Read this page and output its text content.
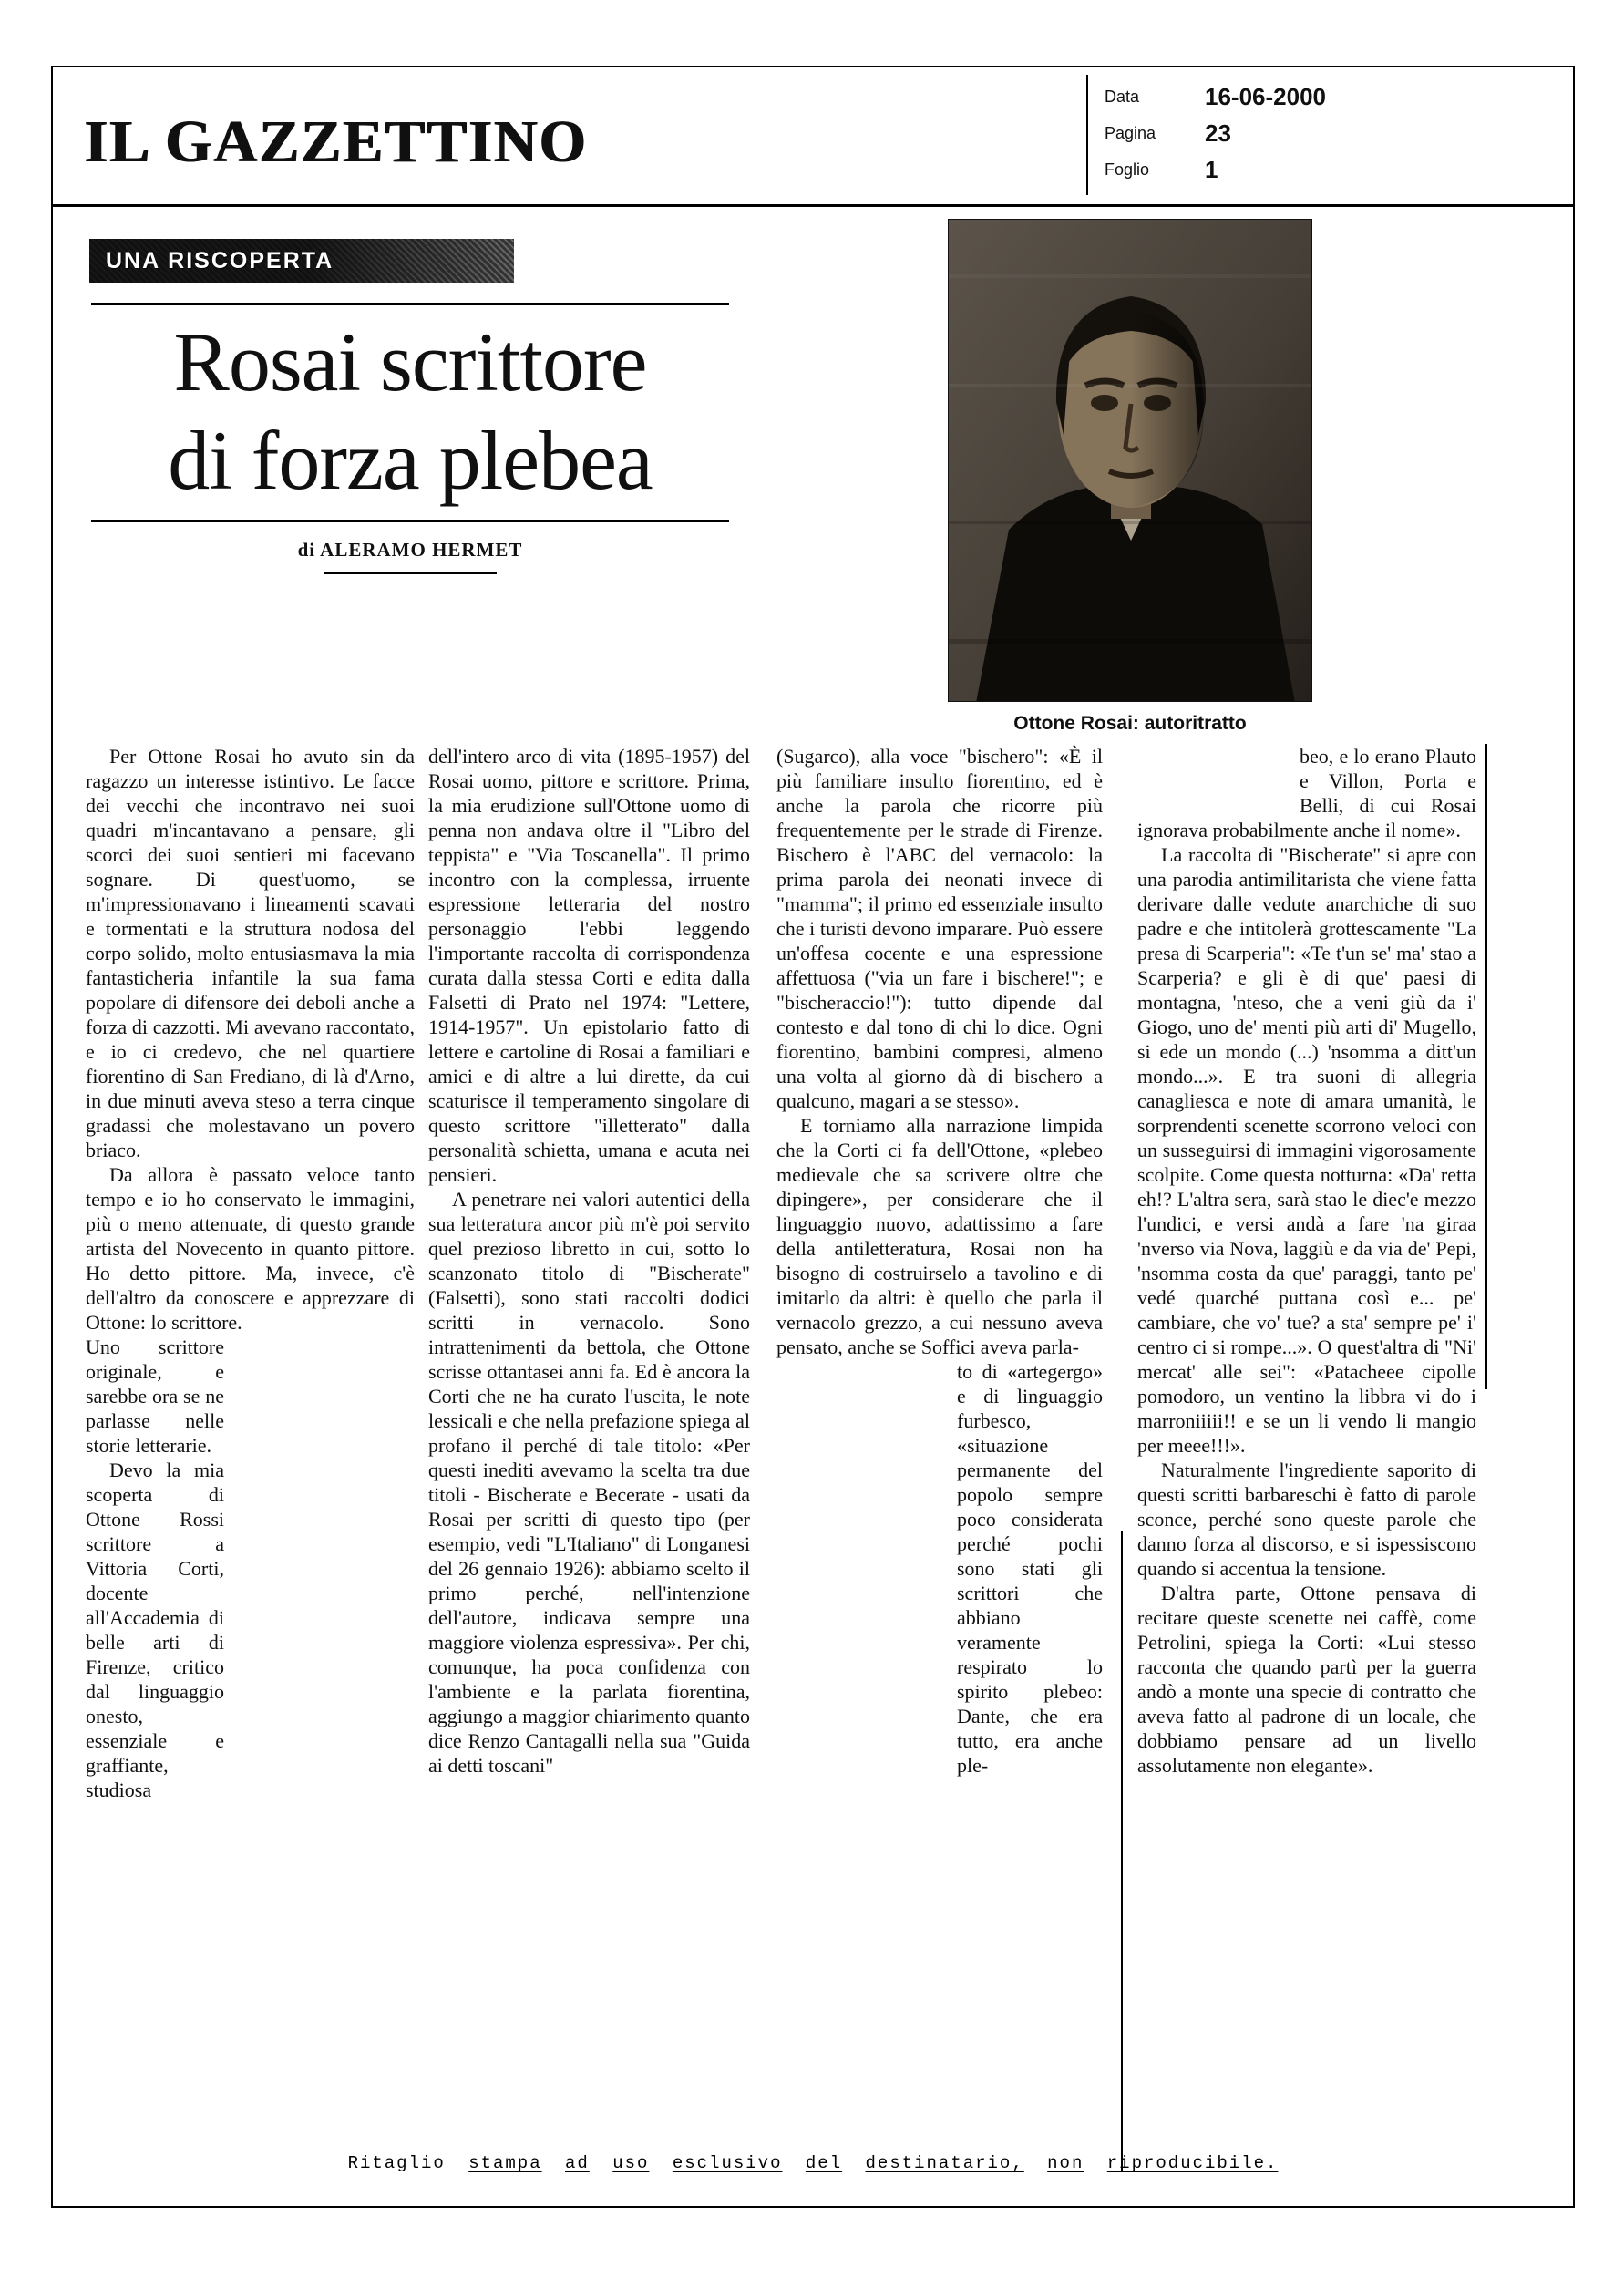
IL GAZZETTINO
Data	16-06-2000
Pagina	23
Foglio	1
UNA RISCOPERTA
Rosai scrittore
di forza plebea
di ALERAMO HERMET
Ottone Rosai: autoritratto

Per Ottone Rosai ho avuto sin da ragazzo un interesse istintivo. Le facce dei vecchi che incontravo nei suoi quadri m'incantavano a pensare, gli scorci dei suoi sentieri mi facevano sognare. Di quest'uomo, se m'impressionavano i lineamenti scavati e tormentati e la struttura nodosa del corpo solido, molto entusiasmava la mia fantasticheria infantile la sua fama popolare di difensore dei deboli anche a forza di cazzotti. Mi avevano raccontato, e io ci credevo, che nel quartiere fiorentino di San Frediano, di là d'Arno, in due minuti aveva steso a terra cinque gradassi che molestavano un povero briaco.

Da allora è passato veloce tanto tempo e io ho conservato le immagini, più o meno attenuate, di questo grande artista del Novecento in quanto pittore. Ho detto pittore. Ma, invece, c'è dell'altro da conoscere e apprezzare di Ottone: lo scrittore.

Uno scrittore originale, e sarebbe ora se ne parlasse nelle storie letterarie.

Devo la mia scoperta di Ottone Rossi scrittore a Vittoria Corti, docente all'Accademia di belle arti di Firenze, critico dal linguaggio onesto, essenziale e graffiante, studiosa

dell'intero arco di vita (1895-1957) del Rosai uomo, pittore e scrittore. Prima, la mia erudizione sull'Ottone uomo di penna non andava oltre il "Libro del teppista" e "Via Toscanella". Il primo incontro con la complessa, irruente espressione letteraria del nostro personaggio l'ebbi leggendo l'importante raccolta di corrispondenza curata dalla stessa Corti e edita dalla Falsetti di Prato nel 1974: "Lettere, 1914-1957". Un epistolario fatto di lettere e cartoline di Rosai a familiari e amici e di altre a lui dirette, da cui scaturisce il temperamento singolare di questo scrittore "illetterato" dalla personalità schietta, umana e acuta nei pensieri.

A penetrare nei valori autentici della sua letteratura ancor più m'è poi servito quel prezioso libretto in cui, sotto lo scanzonato titolo di "Bischerate" (Falsetti), sono stati raccolti dodici scritti in vernacolo. Sono intrattenimenti da bettola, che Ottone scrisse ottantasei anni fa. Ed è ancora la Corti che ne ha curato l'uscita, le note lessicali e che nella prefazione spiega al profano il perché di tale titolo: «Per questi inediti avevamo la scelta tra due titoli - Bischerate e Becerate - usati da Rosai per scritti di questo tipo (per esempio, vedi "L'Italiano" di Longanesi del 26 gennaio 1926): abbiamo scelto il primo perché, nell'intenzione dell'autore, indicava sempre una maggiore violenza espressiva». Per chi, comunque, ha poca confidenza con l'ambiente e la parlata fiorentina, aggiungo a maggior chiarimento quanto dice Renzo Cantagalli nella sua "Guida ai detti toscani"

(Sugarco), alla voce "bischero": «È il più familiare insulto fiorentino, ed è anche la parola che ricorre più frequentemente per le strade di Firenze. Bischero è l'ABC del vernacolo: la prima parola dei neonati invece di "mamma"; il primo ed essenziale insulto che i turisti devono imparare. Può essere un'offesa cocente e una espressione affettuosa ("via un fare i bischere!"; e "bischeraccio!"): tutto dipende dal contesto e dal tono di chi lo dice. Ogni fiorentino, bambini compresi, almeno una volta al giorno dà di bischero a qualcuno, magari a se stesso».

E torniamo alla narrazione limpida che la Corti ci fa dell'Ottone, «plebeo medievale che sa scrivere oltre che dipingere», per considerare che il linguaggio nuovo, adattissimo a fare della antiletteratura, Rosai non ha bisogno di costruirselo a tavolino e di imitarlo da altri: è quello che parla il vernacolo grezzo, a cui nessuno aveva pensato, anche se Soffici aveva parla-

to di «artegergo» e di linguaggio furbesco, «situazione permanente del popolo sempre poco considerata perché pochi sono stati gli scrittori che abbiano veramente respirato lo spirito plebeo: Dante, che era tutto, era anche ple-

beo, e lo erano Plauto e Villon, Porta e Belli, di cui Rosai ignorava probabilmente anche il nome».

La raccolta di "Bischerate" si apre con una parodia antimilitarista che viene fatta derivare dalle vedute anarchiche di suo padre e che intitolerà grottescamente "La presa di Scarperia": «Te t'un se' ma' stao a Scarperia? e gli è di que' paesi di montagna, 'nteso, che a veni giù da i' Giogo, uno de' menti più arti di' Mugello, si ede un mondo (...) 'nsomma a ditt'un mondo...». E tra suoni di allegria canagliesca e note di amara umanità, le sorprendenti scenette scorrono veloci con un susseguirsi di immagini vigorosamente scolpite. Come questa notturna: «Da' retta eh!? L'altra sera, sarà stao le diec'e mezzo l'undici, e versi andà a fare 'na giraa 'nverso via Nova, laggiù e da via de' Pepi, 'nsomma costa da que' paraggi, tanto pe' vedé quarché puttana così e... pe' cambiare, che vo' tue? a sta' sempre pe' i' centro ci si rompe...». O quest'altra di "Ni' mercat' alle sei": «Patacheee cipolle pomodoro, un ventino la libbra vi do i marroniiiii!! e se un li vendo li mangio per meee!!!».

Naturalmente l'ingrediente saporito di questi scritti barbareschi è fatto di parole sconce, perché sono queste parole che danno forza al discorso, e si ispessiscono quando si accentua la tensione.

D'altra parte, Ottone pensava di recitare queste scenette nei caffè, come Petrolini, spiega la Corti: «Lui stesso racconta che quando partì per la guerra andò a monte una specie di contratto che aveva fatto al padrone di un locale, che dobbiamo pensare ad un livello assolutamente non elegante».

Ritaglio stampa ad uso esclusivo del destinatario, non riproducibile.
